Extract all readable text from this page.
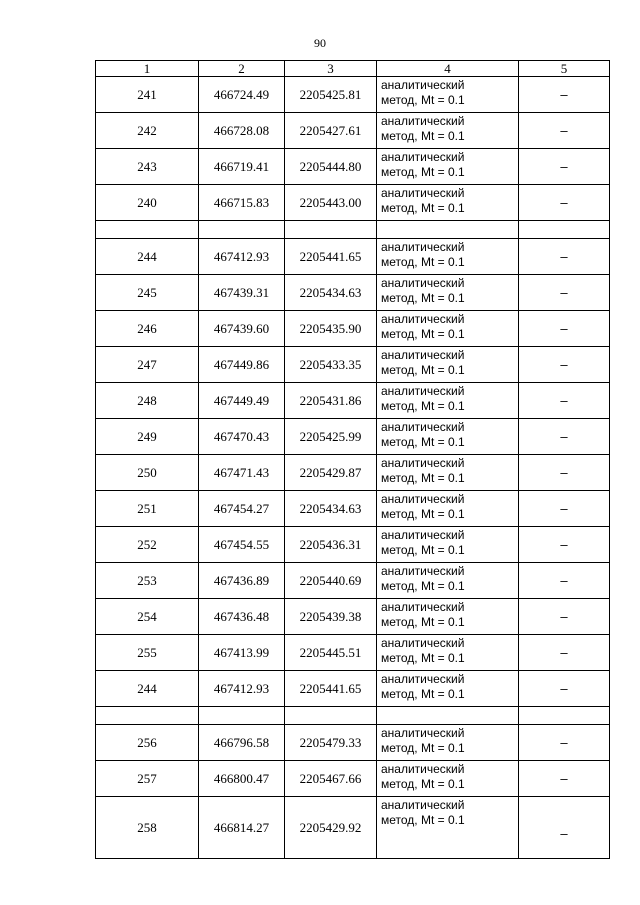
90
1	2	3	4	5
241	466724.49	2205425.81	аналитический
метод, Mt = 0.1	–
242	466728.08	2205427.61	аналитический
метод, Mt = 0.1	–
243	466719.41	2205444.80	аналитический
метод, Mt = 0.1	–
240	466715.83	2205443.00	аналитический
метод, Mt = 0.1	–

244	467412.93	2205441.65	аналитический
метод, Mt = 0.1	–
245	467439.31	2205434.63	аналитический
метод, Mt = 0.1	–
246	467439.60	2205435.90	аналитический
метод, Mt = 0.1	–
247	467449.86	2205433.35	аналитический
метод, Mt = 0.1	–
248	467449.49	2205431.86	аналитический
метод, Mt = 0.1	–
249	467470.43	2205425.99	аналитический
метод, Mt = 0.1	–
250	467471.43	2205429.87	аналитический
метод, Mt = 0.1	–
251	467454.27	2205434.63	аналитический
метод, Mt = 0.1	–
252	467454.55	2205436.31	аналитический
метод, Mt = 0.1	–
253	467436.89	2205440.69	аналитический
метод, Mt = 0.1	–
254	467436.48	2205439.38	аналитический
метод, Mt = 0.1	–
255	467413.99	2205445.51	аналитический
метод, Mt = 0.1	–
244	467412.93	2205441.65	аналитический
метод, Mt = 0.1	–

256	466796.58	2205479.33	аналитический
метод, Mt = 0.1	–
257	466800.47	2205467.66	аналитический
метод, Mt = 0.1	–
258	466814.27	2205429.92	аналитический
метод, Mt = 0.1	–
